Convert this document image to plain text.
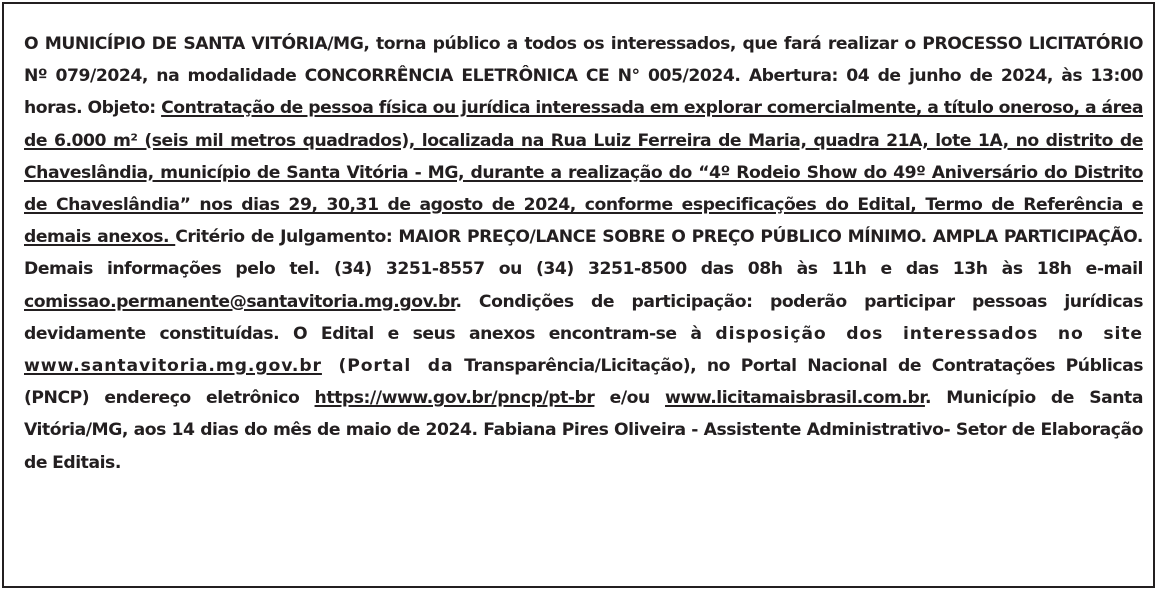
O MUNICÍPIO DE SANTA VITÓRIA/MG, torna público a todos os interessados, que fará realizar o PROCESSO LICITATÓRIO Nº 079/2024, na modalidade CONCORRÊNCIA ELETRÔNICA CE N° 005/2024. Abertura: 04 de junho de 2024, às 13:00 horas. Objeto: Contratação de pessoa física ou jurídica interessada em explorar comercialmente, a título oneroso, a área de 6.000 m² (seis mil metros quadrados), localizada na Rua Luiz Ferreira de Maria, quadra 21A, lote 1A, no distrito de Chaveslândia, município de Santa Vitória - MG, durante a realização do “4º Rodeio Show do 49º Aniversário do Distrito de Chaveslândia” nos dias 29, 30,31 de agosto de 2024, conforme especificações do Edital, Termo de Referência e demais anexos. Critério de Julgamento: MAIOR PREÇO/LANCE SOBRE O PREÇO PÚBLICO MÍNIMO. AMPLA PARTICIPAÇÃO. Demais informações pelo tel. (34) 3251-8557 ou (34) 3251-8500 das 08h às 11h e das 13h às 18h e-mail comissao.permanente@santavitoria.mg.gov.br. Condições de participação: poderão participar pessoas jurídicas devidamente constituídas. O Edital e seus anexos encontram-se à disposição dos interessados no site www.santavitoria.mg.gov.br (Portal da Transparência/Licitação), no Portal Nacional de Contratações Públicas (PNCP) endereço eletrônico https://www.gov.br/pncp/pt-br e/ou www.licitamaisbrasil.com.br. Município de Santa Vitória/MG, aos 14 dias do mês de maio de 2024. Fabiana Pires Oliveira - Assistente Administrativo- Setor de Elaboração de Editais.
